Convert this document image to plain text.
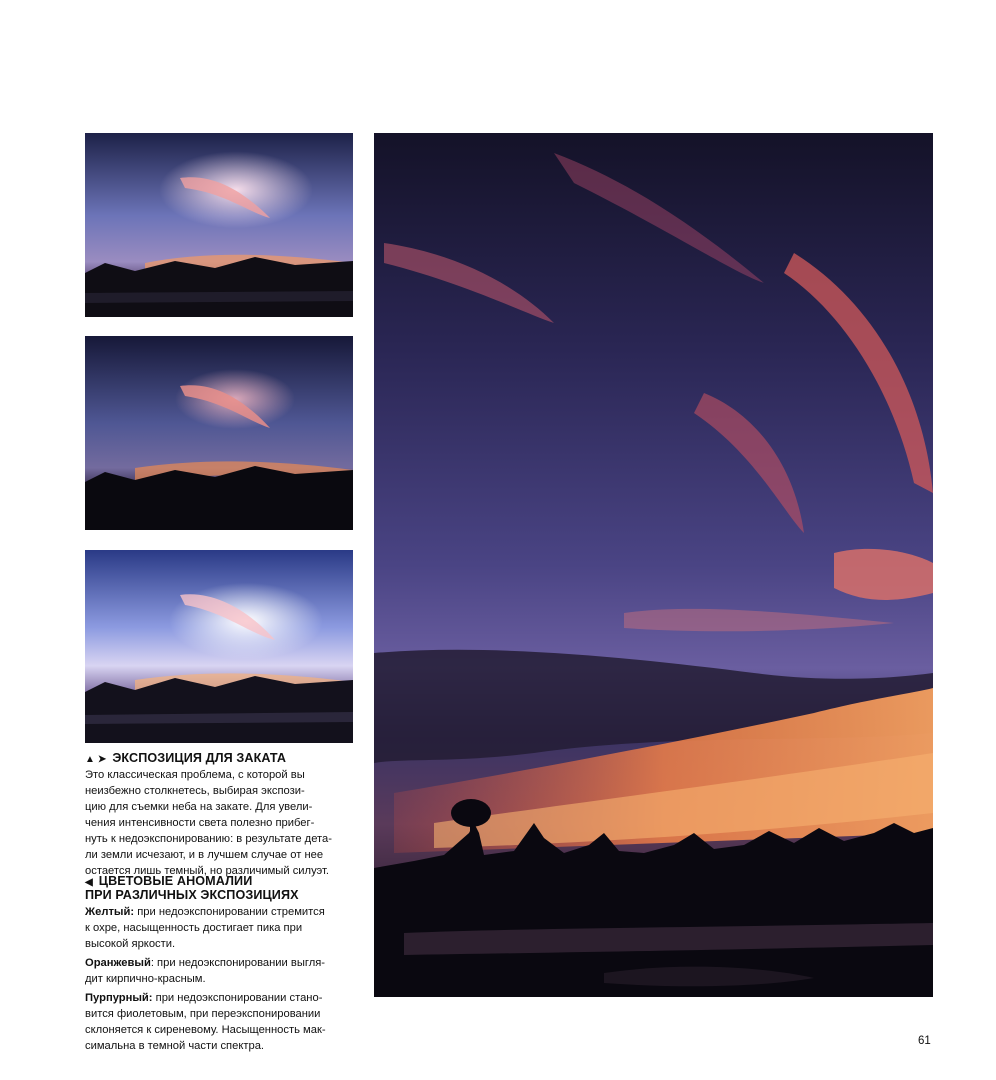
▲ ➤ ЭКСПОЗИЦИЯ ДЛЯ ЗАКАТА

Это классическая проблема, с которой вы

неизбежно столкнетесь, выбирая экспози-

цию для съемки неба на закате. Для увели-

чения интенсивности света полезно прибег-

нуть к недоэкспонированию: в результате дета-

ли земли исчезают, и в лучшем случае от нее

остается лишь темный, но различимый силуэт.

◀ ЦВЕТОВЫЕ АНОМАЛИИ
ПРИ РАЗЛИЧНЫХ ЭКСПОЗИЦИЯХ

Желтый: при недоэкспонировании стремится

к охре, насыщенность достигает пика при

высокой яркости.

Оранжевый: при недоэкспонировании выгля-

дит кирпично-красным.

Пурпурный: при недоэкспонировании стано-

вится фиолетовым, при переэкспонировании

склоняется к сиреневому. Насыщенность мак-

симальна в темной части спектра.	61
